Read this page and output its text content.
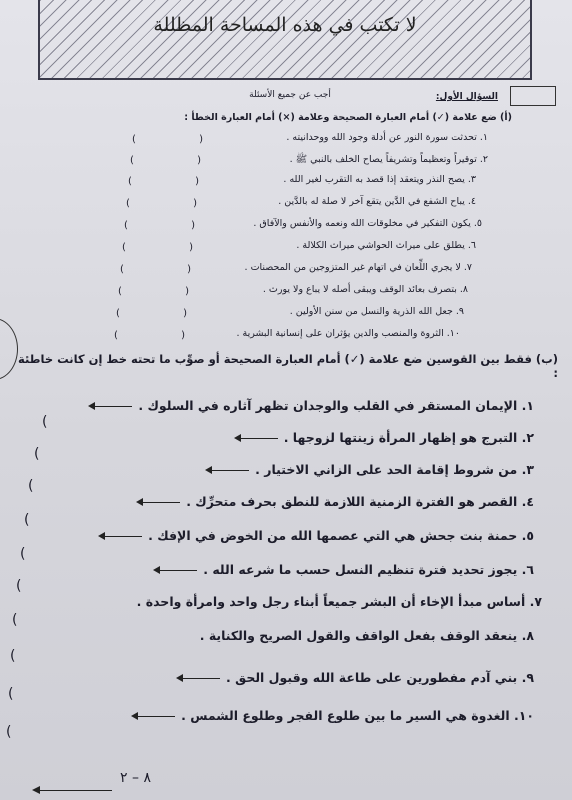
لا تكتب في هذه المساحة المظللة
السؤال الأول:
أجب عن جميع الأسئلة
(أ) ضع علامة (✓) أمام العبارة الصحيحة وعلامة (×) أمام العبارة الخطأ :
١. تحدثت سورة النور عن أدلة وجود الله ووحدانيته .
٢. توقيراً وتعظيماً وتشريفاً يصاح الخلف بالنبي ﷺ .
٣. يصح النذر ويتعقد إذا قصد به التقرب لغير الله .
٤. يباح الشفع في الدَّين يتقع آخر لا صلة له بالدَّين .
٥. يكون التفكير في مخلوقات الله ونعمه والأنفس والآفاق .
٦. يطلق على ميراث الحواشي ميراث الكلالة .
٧. لا يجري اللِّعان في اتهام غير المتزوجين من المحصنات .
٨. بتصرف بعائد الوقف ويبقى أصله لا يباع ولا يورث .
٩. جعل الله الذرية والنسل من سنن الأولين .
١٠. الثروة والمنصب والدين يؤثران على إنسانية البشرية .
( )
( )
( )
( )
( )
( )
( )
( )
( )
( )
(ب) فقط بين القوسين ضع علامة (✓) أمام العبارة الصحيحة أو صوِّب ما تحته خط إن كانت خاطئة :
١. الإيمان المستقر في القلب والوجدان تظهر آثاره في السلوك .
٢. التبرج هو إظهار المرأة زينتها لزوجها .
٣. من شروط إقامة الحد على الزاني الاختيار .
٤. القصر هو الفترة الزمنية اللازمة للنطق بحرف متحرِّك .
٥. حمنة بنت جحش هي التي عصمها الله من الخوض في الإفك .
٦. يجوز تحديد فترة تنظيم النسل حسب ما شرعه الله .
٧. أساس مبدأ الإخاء أن البشر جميعاً أبناء رجل واحد وامرأة واحدة .
٨. ينعقد الوقف بفعل الواقف والقول الصريح والكناية .
٩. بني آدم مفطورين على طاعة الله وقبول الحق .
١٠. الغدوة هي السير ما بين طلوع الفجر وطلوع الشمس .
(
(
(
(
(
(
(
(
(
(
٨ – ٢
